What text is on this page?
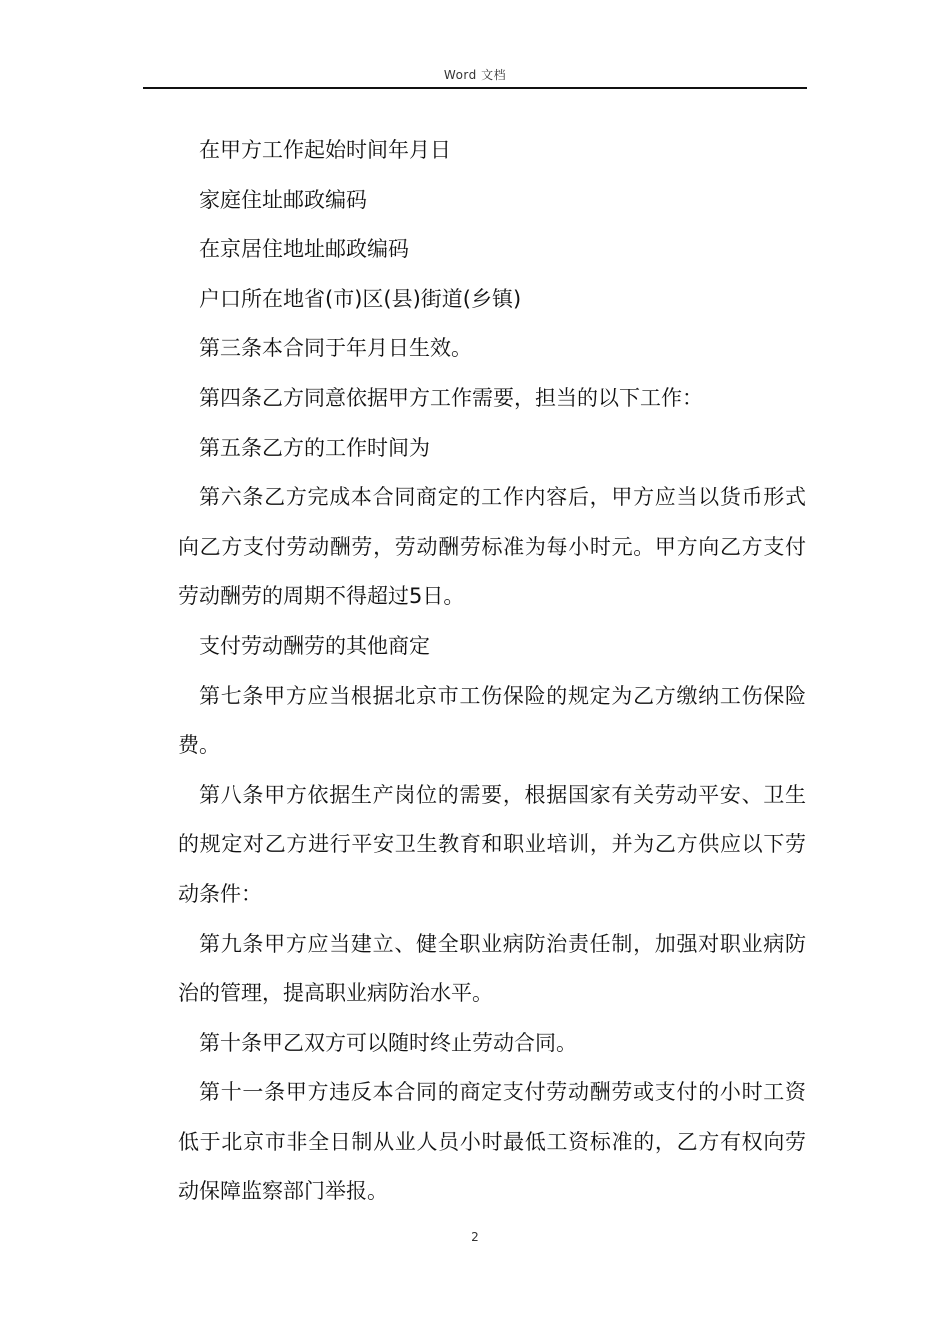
Word 文档

在甲方工作起始时间年月日

家庭住址邮政编码

在京居住地址邮政编码

户口所在地省(市)区(县)街道(乡镇)

第三条本合同于年月日生效。

第四条乙方同意依据甲方工作需要，担当的以下工作：

第五条乙方的工作时间为

第六条乙方完成本合同商定的工作内容后，甲方应当以货币形式向乙方支付劳动酬劳，劳动酬劳标准为每小时元。甲方向乙方支付劳动酬劳的周期不得超过5日。

支付劳动酬劳的其他商定

第七条甲方应当根据北京市工伤保险的规定为乙方缴纳工伤保险费。

第八条甲方依据生产岗位的需要，根据国家有关劳动平安、卫生的规定对乙方进行平安卫生教育和职业培训，并为乙方供应以下劳动条件：

第九条甲方应当建立、健全职业病防治责任制，加强对职业病防治的管理，提高职业病防治水平。

第十条甲乙双方可以随时终止劳动合同。

第十一条甲方违反本合同的商定支付劳动酬劳或支付的小时工资低于北京市非全日制从业人员小时最低工资标准的，乙方有权向劳动保障监察部门举报。

2
